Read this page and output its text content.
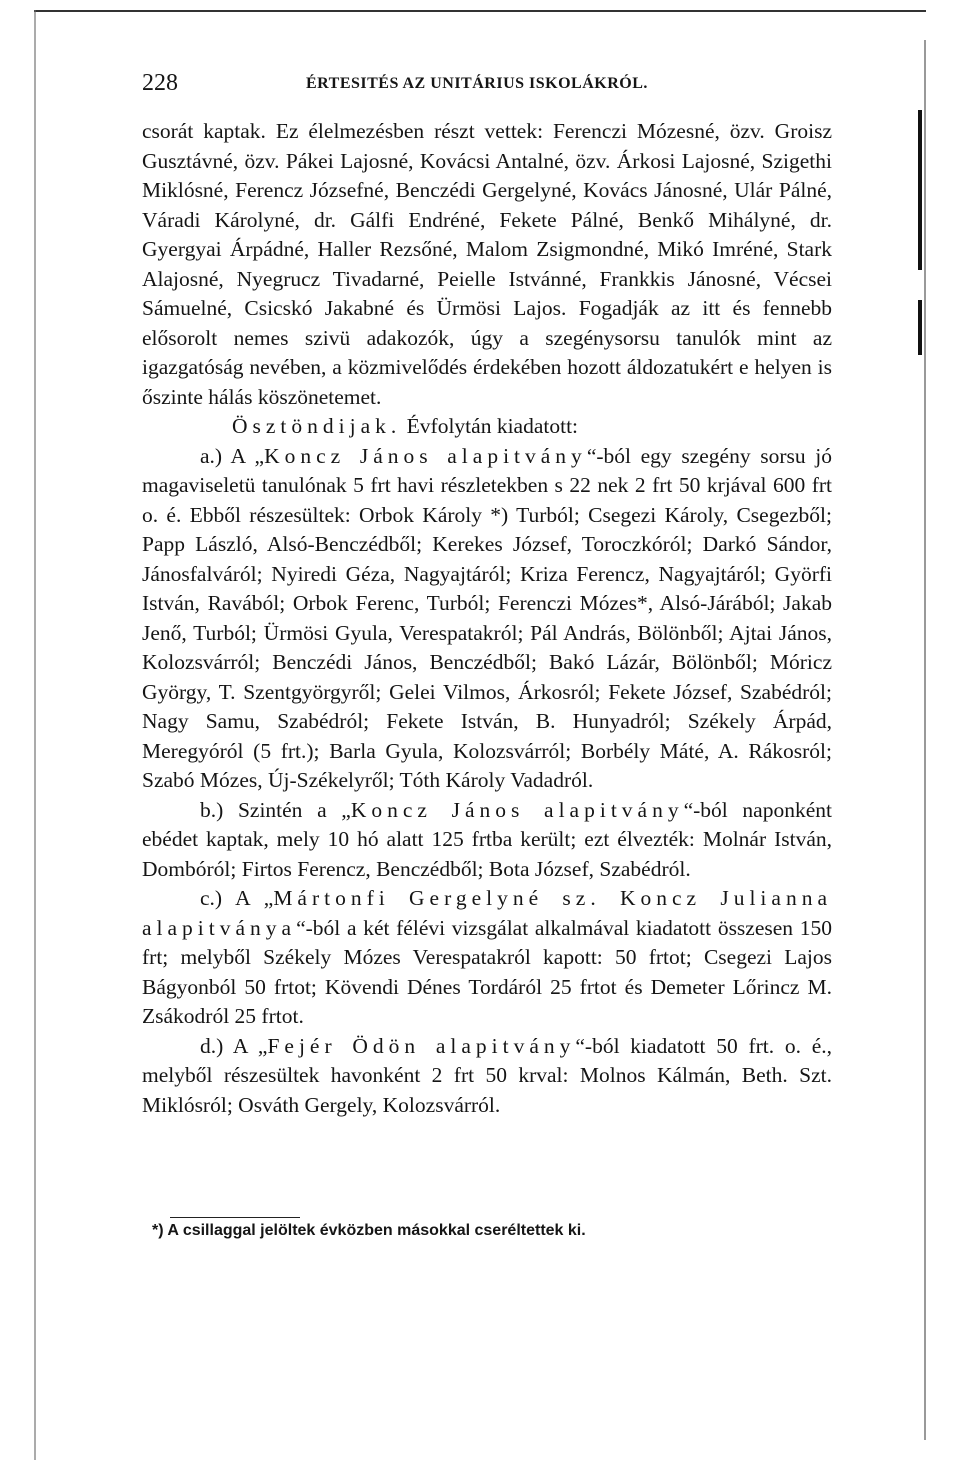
228	ÉRTESITÉS AZ UNITÁRIUS ISKOLÁKRÓL.

csorát kaptak. Ez élelmezésben részt vettek: Ferenczi Mózesné, özv. Groisz Gusztávné, özv. Pákei Lajosné, Kovácsi Antalné, özv. Árkosi Lajosné, Szigethi Miklósné, Ferencz Józsefné, Benczédi Gergelyné, Kovács Jánosné, Ulár Pálné, Váradi Károlyné, dr. Gálfi Endréné, Fekete Pálné, Benkő Mihályné, dr. Gyergyai Árpádné, Haller Rezsőné, Malom Zsigmondné, Mikó Imréné, Stark Alajosné, Nyegrucz Tivadarné, Peielle Istvánné, Frankkis Jánosné, Vécsei Sámuelné, Csicskó Jakabné és Ürmösi Lajos. Fogadják az itt és fennebb elősorolt nemes szivü adakozók, úgy a szegénysorsu tanulók mint az igazgatóság nevében, a közmivelődés érdekében hozott áldozatukért e helyen is őszinte hálás köszönetemet.

Ösztöndijak. Évfolytán kiadatott:

a.) A „Koncz János alapitvány“-ból egy szegény sorsu jó magaviseletü tanulónak 5 frt havi részletekben s 22 nek 2 frt 50 krjával 600 frt o. é. Ebből részesültek: Orbok Károly *) Turból; Csegezi Károly, Csegezből; Papp László, Alsó-Benczédből; Kerekes József, Toroczkóról; Darkó Sándor, Jánosfalváról; Nyiredi Géza, Nagyajtáról; Kriza Ferencz, Nagyajtáról; Györfi István, Ravából; Orbok Ferenc, Turból; Ferenczi Mózes*, Alsó-Járából; Jakab Jenő, Turból; Ürmösi Gyula, Verespatakról; Pál András, Bölönből; Ajtai János, Kolozsvárról; Benczédi János, Benczédből; Bakó Lázár, Bölönből; Móricz György, T. Szentgyörgyről; Gelei Vilmos, Árkosról; Fekete József, Szabédról; Nagy Samu, Szabédról; Fekete István, B. Hunyadról; Székely Árpád, Meregyóról (5 frt.); Barla Gyula, Kolozsvárról; Borbély Máté, A. Rákosról; Szabó Mózes, Új-Székelyről; Tóth Károly Vadadról.

b.) Szintén a „Koncz János alapitvány“-ból naponként ebédet kaptak, mely 10 hó alatt 125 frtba került; ezt élvezték: Molnár István, Dombóról; Firtos Ferencz, Benczédből; Bota József, Szabédról.

c.) A „Mártonfi Gergelyné sz. Koncz Julianna alapitványa“-ból a két félévi vizsgálat alkalmával kiadatott összesen 150 frt; melyből Székely Mózes Verespatakról kapott: 50 frtot; Csegezi Lajos Bágyonból 50 frtot; Kövendi Dénes Tordáról 25 frtot és Demeter Lőrincz M. Zsákodról 25 frtot.

d.) A „Fejér Ödön alapitvány“-ból kiadatott 50 frt. o. é., melyből részesültek havonként 2 frt 50 krval: Molnos Kálmán, Beth. Szt. Miklósról; Osváth Gergely, Kolozsvárról.

*) A csillaggal jelöltek évközben másokkal cseréltettek ki.
